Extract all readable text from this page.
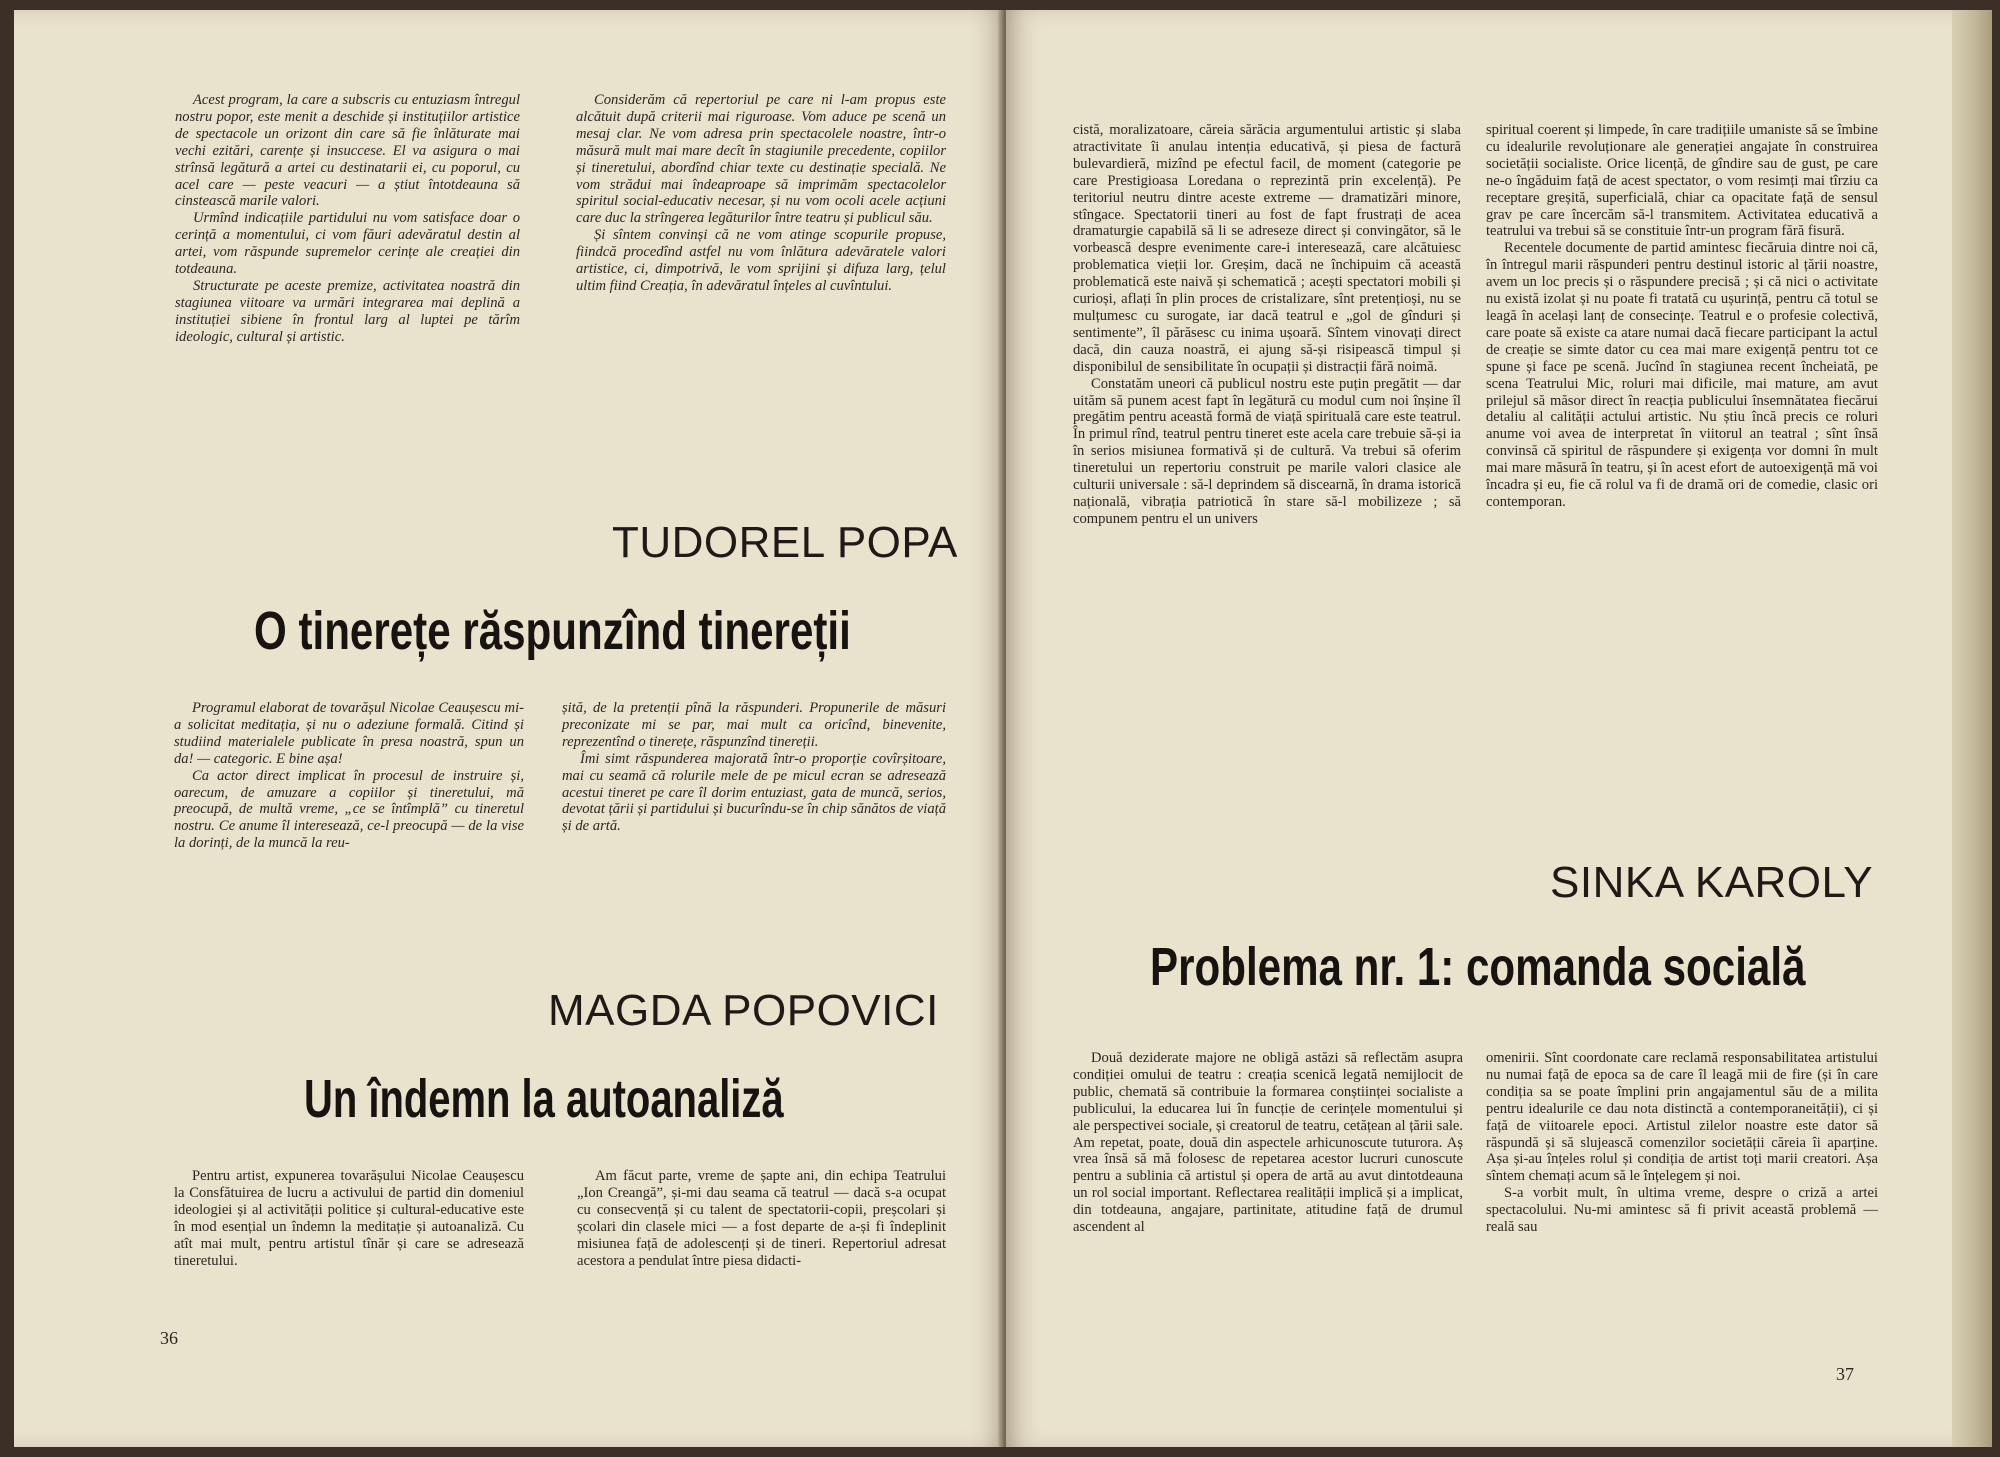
Acest program, la care a subscris cu entuziasm întregul nostru popor, este menit a deschide și instituțiilor artistice de spectacole un orizont din care să fie înlăturate mai vechi ezitări, carențe și insuccese. El va asigura o mai strînsă legătură a artei cu destinatarii ei, cu poporul, cu acel care — peste veacuri — a știut întotdeauna să cinstească marile valori.

Urmînd indicațiile partidului nu vom satisface doar o cerință a momentului, ci vom făuri adevăratul destin al artei, vom răspunde supremelor cerințe ale creației din totdeauna.

Structurate pe aceste premize, activitatea noastră din stagiunea viitoare va urmări integrarea mai deplină a instituției sibiene în frontul larg al luptei pe tărîm ideologic, cultural și artistic.

Considerăm că repertoriul pe care ni l-am propus este alcătuit după criterii mai riguroase. Vom aduce pe scenă un mesaj clar. Ne vom adresa prin spectacolele noastre, într-o măsură mult mai mare decît în stagiunile precedente, copiilor și tineretului, abordînd chiar texte cu destinație specială. Ne vom strădui mai îndeaproape să imprimăm spectacolelor spiritul social-educativ necesar, și nu vom ocoli acele acțiuni care duc la strîngerea legăturilor între teatru și publicul său.

Și sîntem convinși că ne vom atinge scopurile propuse, fiindcă procedînd astfel nu vom înlătura adevăratele valori artistice, ci, dimpotrivă, le vom sprijini și difuza larg, țelul ultim fiind Creația, în adevăratul înțeles al cuvîntului.

TUDOREL POPA
O tinerețe răspunzînd tinereții

Programul elaborat de tovarășul Nicolae Ceaușescu mi-a solicitat meditația, și nu o adeziune formală. Citind și studiind materialele publicate în presa noastră, spun un da! — categoric. E bine așa!

Ca actor direct implicat în procesul de instruire și, oarecum, de amuzare a copiilor și tineretului, mă preocupă, de multă vreme, „ce se întîmplă” cu tineretul nostru. Ce anume îl interesează, ce-l preocupă — de la vise la dorinți, de la muncă la reu-

șită, de la pretenții pînă la răspunderi. Propunerile de măsuri preconizate mi se par, mai mult ca oricînd, binevenite, reprezentînd o tinerețe, răspunzînd tinereții.

Îmi simt răspunderea majorată într-o proporție covîrșitoare, mai cu seamă că rolurile mele de pe micul ecran se adresează acestui tineret pe care îl dorim entuziast, gata de muncă, serios, devotat țării și partidului și bucurîndu-se în chip sănătos de viață și de artă.

MAGDA POPOVICI
Un îndemn la autoanaliză

Pentru artist, expunerea tovarășului Nicolae Ceaușescu la Consfătuirea de lucru a activului de partid din domeniul ideologiei și al activității politice și cultural-educative este în mod esențial un îndemn la meditație și autoanaliză. Cu atît mai mult, pentru artistul tînăr și care se adresează tineretului.

Am făcut parte, vreme de șapte ani, din echipa Teatrului „Ion Creangă”, și-mi dau seama că teatrul — dacă s-a ocupat cu consecvență și cu talent de spectatorii-copii, preșcolari și școlari din clasele mici — a fost departe de a-și fi îndeplinit misiunea față de adolescenți și de tineri. Repertoriul adresat acestora a pendulat între piesa didacti-

36

cistă, moralizatoare, căreia sărăcia argumentului artistic și slaba atractivitate îi anulau intenția educativă, și piesa de factură bulevardieră, mizînd pe efectul facil, de moment (categorie pe care Prestigioasa Loredana o reprezintă prin excelență). Pe teritoriul neutru dintre aceste extreme — dramatizări minore, stîngace. Spectatorii tineri au fost de fapt frustrați de acea dramaturgie capabilă să li se adreseze direct și convingător, să le vorbească despre evenimente care-i interesează, care alcătuiesc problematica vieții lor. Greșim, dacă ne închipuim că această problematică este naivă și schematică ; acești spectatori mobili și curioși, aflați în plin proces de cristalizare, sînt pretențioși, nu se mulțumesc cu surogate, iar dacă teatrul e „gol de gînduri și sentimente”, îl părăsesc cu inima ușoară. Sîntem vinovați direct dacă, din cauza noastră, ei ajung să-și risipească timpul și disponibilul de sensibilitate în ocupații și distracții fără noimă.

Constatăm uneori că publicul nostru este puțin pregătit — dar uităm să punem acest fapt în legătură cu modul cum noi înșine îl pregătim pentru această formă de viață spirituală care este teatrul. În primul rînd, teatrul pentru tineret este acela care trebuie să-și ia în serios misiunea formativă și de cultură. Va trebui să oferim tineretului un repertoriu construit pe marile valori clasice ale culturii universale : să-l deprindem să discearnă, în drama istorică națională, vibrația patriotică în stare să-l mobilizeze ; să compunem pentru el un univers

spiritual coerent și limpede, în care tradițiile umaniste să se îmbine cu idealurile revoluționare ale generației angajate în construirea societății socialiste. Orice licență, de gîndire sau de gust, pe care ne-o îngăduim față de acest spectator, o vom resimți mai tîrziu ca receptare greșită, superficială, chiar ca opacitate față de sensul grav pe care încercăm să-l transmitem. Activitatea educativă a teatrului va trebui să se constituie într-un program fără fisură.

Recentele documente de partid amintesc fiecăruia dintre noi că, în întregul marii răspunderi pentru destinul istoric al țării noastre, avem un loc precis și o răspundere precisă ; și că nici o activitate nu există izolat și nu poate fi tratată cu ușurință, pentru că totul se leagă în același lanț de consecințe. Teatrul e o profesie colectivă, care poate să existe ca atare numai dacă fiecare participant la actul de creație se simte dator cu cea mai mare exigență pentru tot ce spune și face pe scenă. Jucînd în stagiunea recent încheiată, pe scena Teatrului Mic, roluri mai dificile, mai mature, am avut prilejul să măsor direct în reacția publicului însemnătatea fiecărui detaliu al calității actului artistic. Nu știu încă precis ce roluri anume voi avea de interpretat în viitorul an teatral ; sînt însă convinsă că spiritul de răspundere și exigența vor domni în mult mai mare măsură în teatru, și în acest efort de autoexigență mă voi încadra și eu, fie că rolul va fi de dramă ori de comedie, clasic ori contemporan.

SINKA KAROLY
Problema nr. 1: comanda socială

Două deziderate majore ne obligă astăzi să reflectăm asupra condiției omului de teatru : creația scenică legată nemijlocit de public, chemată să contribuie la formarea conștiinței socialiste a publicului, la educarea lui în funcție de cerințele momentului și ale perspectivei sociale, și creatorul de teatru, cetățean al țării sale. Am repetat, poate, două din aspectele arhicunoscute tuturora. Aș vrea însă să mă folosesc de repetarea acestor lucruri cunoscute pentru a sublinia că artistul și opera de artă au avut dintotdeauna un rol social important. Reflectarea realității implică și a implicat, din totdeauna, angajare, partinitate, atitudine față de drumul ascendent al

omenirii. Sînt coordonate care reclamă responsabilitatea artistului nu numai față de epoca sa de care îl leagă mii de fire (și în care condiția sa se poate împlini prin angajamentul său de a milita pentru idealurile ce dau nota distinctă a contemporaneității), ci și față de viitoarele epoci. Artistul zilelor noastre este dator să răspundă și să slujească comenzilor societății căreia îi aparține. Așa și-au înțeles rolul și condiția de artist toți marii creatori. Așa sîntem chemați acum să le înțelegem și noi.

S-a vorbit mult, în ultima vreme, despre o criză a artei spectacolului. Nu-mi amintesc să fi privit această problemă — reală sau

37
